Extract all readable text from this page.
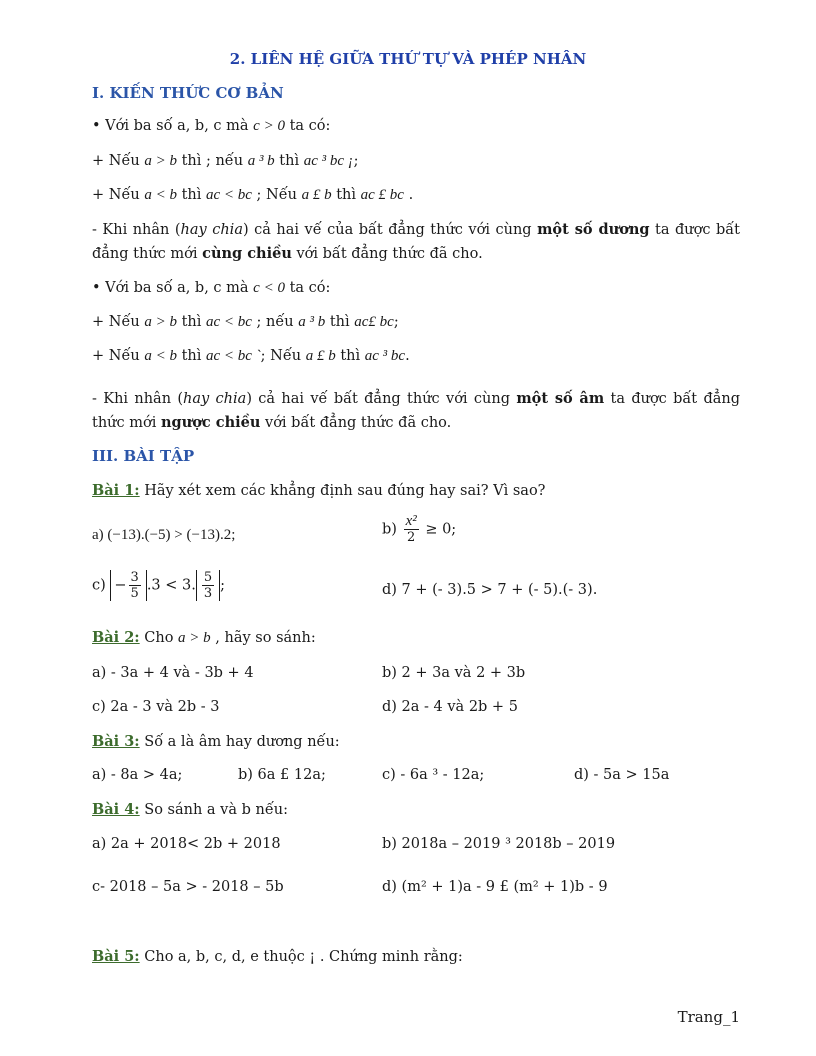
2. LIÊN HỆ GIỮA THỨ TỰ VÀ PHÉP NHÂN
I. KIẾN THỨC CƠ BẢN
• Với ba số a, b, c mà c > 0 ta có:
+ Nếu a > b thì ; nếu a ³ b thì ac ³ bc ¡;
+ Nếu a < b thì ac < bc ; Nếu a £ b thì ac £ bc .
- Khi nhân (hay chia) cả hai vế của bất đẳng thức với cùng một số dương ta được bất đẳng thức mới cùng chiều với bất đẳng thức đã cho.
• Với ba số a, b, c mà c < 0 ta có:
+ Nếu a > b thì ac < bc ; nếu a ³ b thì ac£ bc;
+ Nếu a < b thì ac < bc `; Nếu a £ b thì ac ³ bc.
- Khi nhân (hay chia) cả hai vế bất đẳng thức với cùng một số âm ta được bất đẳng thức mới ngược chiều với bất đẳng thức đã cho.
III. BÀI TẬP
Bài 1: Hãy xét xem các khẳng định sau đúng hay sai? Vì sao?
a) (−13).(−5) > (−13).2;	$b) \frac{\text{x²}}{2} \ge 0$;
$c) - \frac{3}{5} .3 < 3$. $\frac{5}{3}$ ;	d) 7 + (- 3).5 > 7 + (- 5).(- 3).
Bài 2: Cho a > b , hãy so sánh:
a) - 3a + 4 và - 3b + 4	b) 2 + 3a và 2 + 3b
c) 2a - 3 và 2b - 3	d) 2a - 4 và 2b + 5
Bài 3: Số a là âm hay dương nếu:
a) - 8a > 4a;	b) 6a £ 12a;	c) - 6a ³ - 12a;	d) - 5a > 15a
Bài 4: So sánh a và b nếu:
a) 2a + 2018< 2b + 2018	b) 2018a – 2019 ³ 2018b – 2019
c- 2018 – 5a > - 2018 – 5b	d) (m² + 1)a - 9 £ (m² + 1)b - 9
Bài 5: Cho a, b, c, d, e thuộc ¡ . Chứng minh rằng:
Trang_1
